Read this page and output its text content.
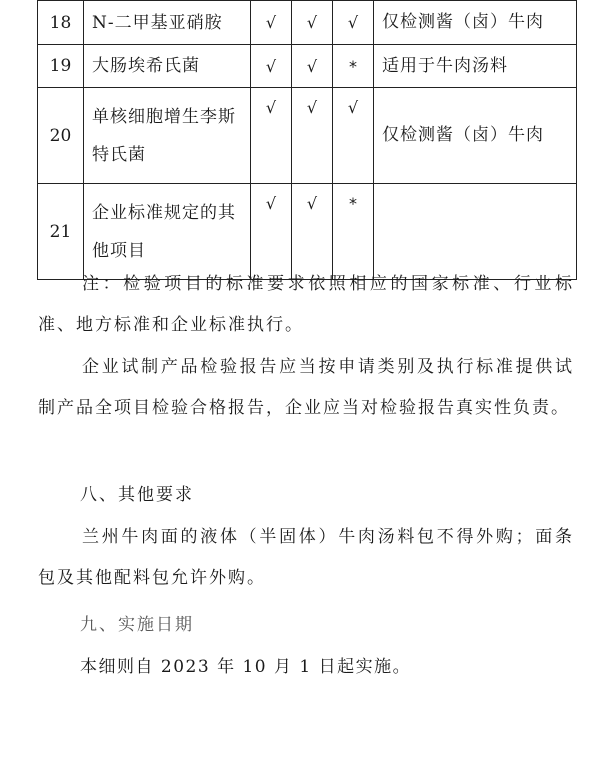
18	N-二甲基亚硝胺	√	√	√	仅检测酱（卤）牛肉

19	大肠埃希氏菌	√	√	*	适用于牛肉汤料

20	单核细胞增生李斯特氏菌	√	√	√	仅检测酱（卤）牛肉

21	企业标准规定的其他项目	√	√	*	

注：检验项目的标准要求依照相应的国家标准、行业标准、地方标准和企业标准执行。

企业试制产品检验报告应当按申请类别及执行标准提供试制产品全项目检验合格报告，企业应当对检验报告真实性负责。

八、其他要求

兰州牛肉面的液体（半固体）牛肉汤料包不得外购；面条包及其他配料包允许外购。

九、实施日期
本细则自 2023 年 10 月 1 日起实施。
